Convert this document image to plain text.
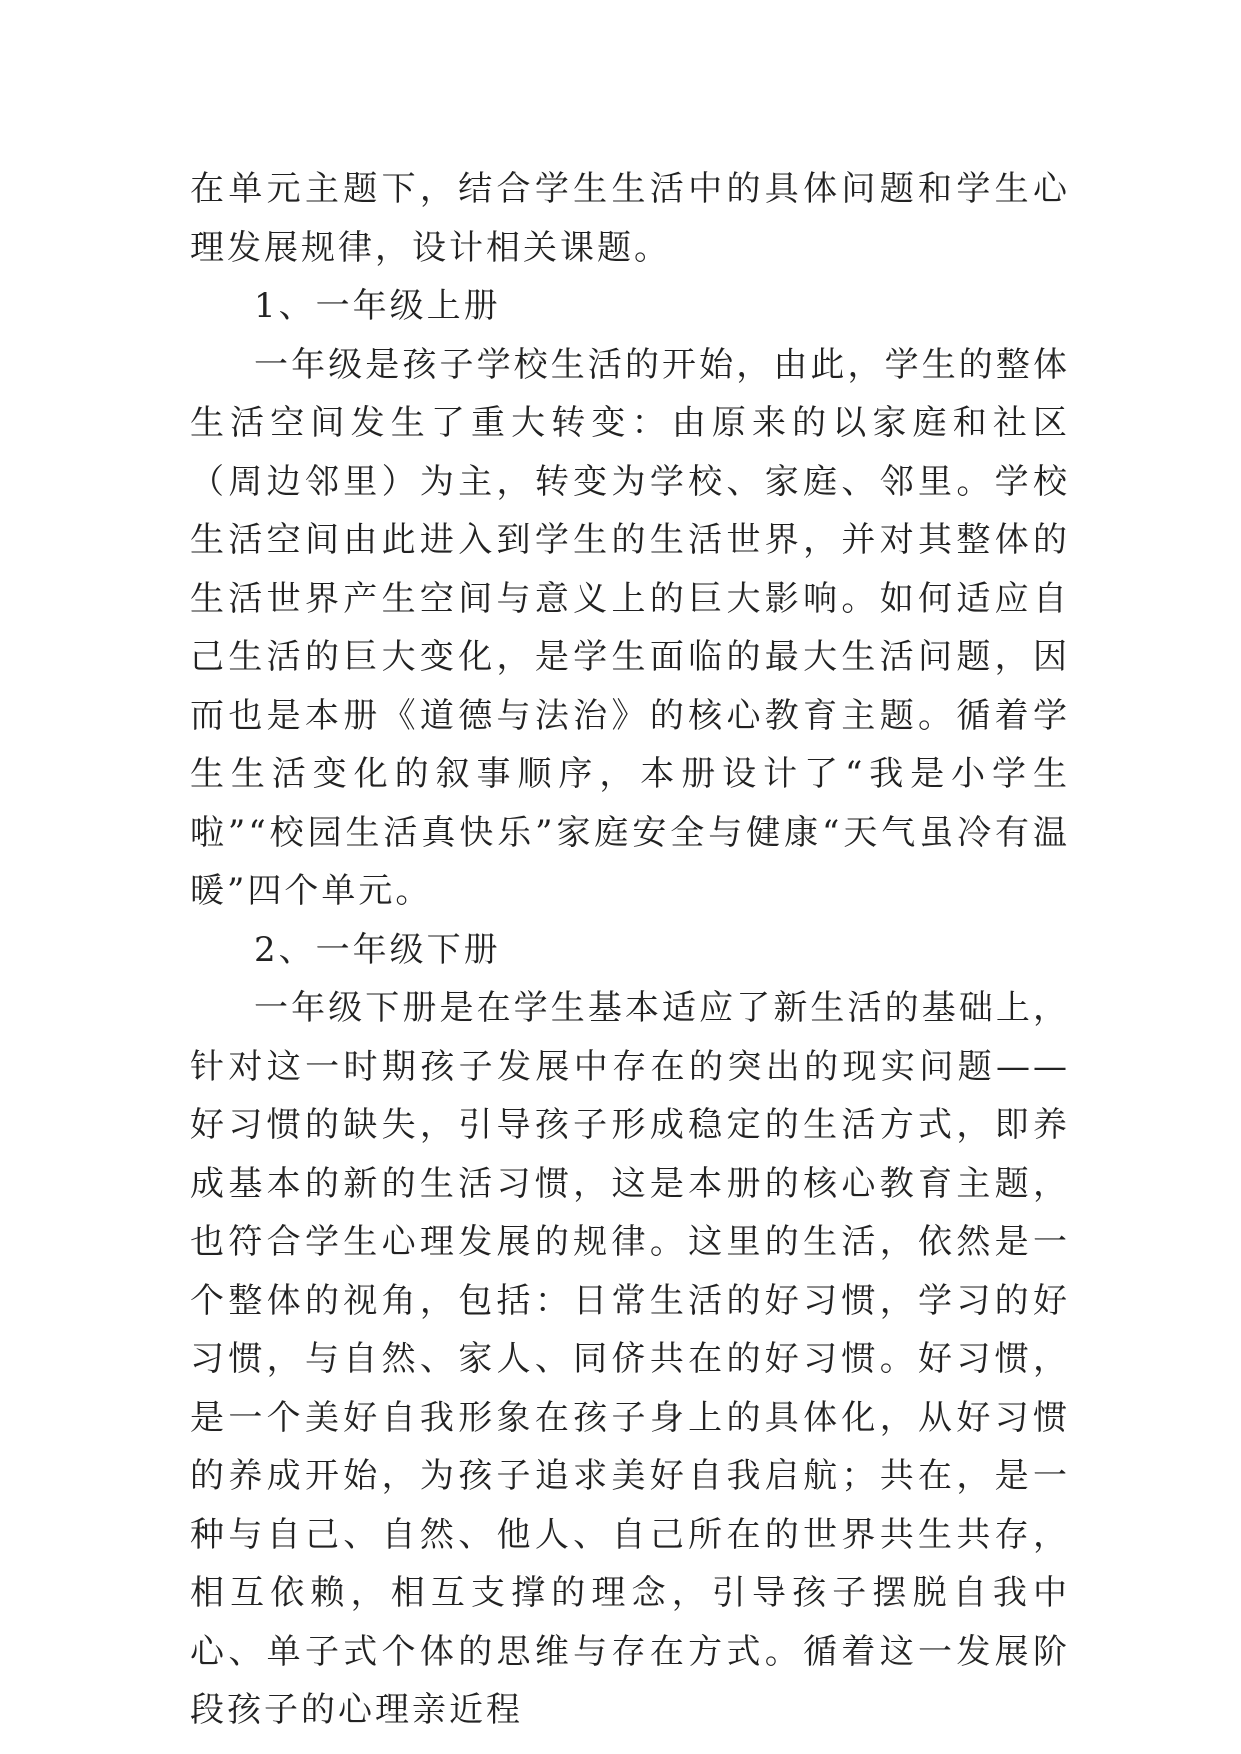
在单元主题下，结合学生生活中的具体问题和学生心理发展规律，设计相关课题。

1、一年级上册

一年级是孩子学校生活的开始，由此，学生的整体生活空间发生了重大转变：由原来的以家庭和社区（周边邻里）为主，转变为学校、家庭、邻里。学校生活空间由此进入到学生的生活世界，并对其整体的生活世界产生空间与意义上的巨大影响。如何适应自己生活的巨大变化，是学生面临的最大生活问题，因而也是本册《道德与法治》的核心教育主题。循着学生生活变化的叙事顺序，本册设计了“我是小学生啦”“校园生活真快乐”家庭安全与健康“天气虽冷有温暖”四个单元。

2、一年级下册

一年级下册是在学生基本适应了新生活的基础上，针对这一时期孩子发展中存在的突出的现实问题——好习惯的缺失，引导孩子形成稳定的生活方式，即养成基本的新的生活习惯，这是本册的核心教育主题，也符合学生心理发展的规律。这里的生活，依然是一个整体的视角，包括：日常生活的好习惯，学习的好习惯，与自然、家人、同侪共在的好习惯。好习惯，是一个美好自我形象在孩子身上的具体化，从好习惯的养成开始，为孩子追求美好自我启航；共在，是一种与自己、自然、他人、自己所在的世界共生共存，相互依赖，相互支撑的理念，引导孩子摆脱自我中心、单子式个体的思维与存在方式。循着这一发展阶段孩子的心理亲近程
